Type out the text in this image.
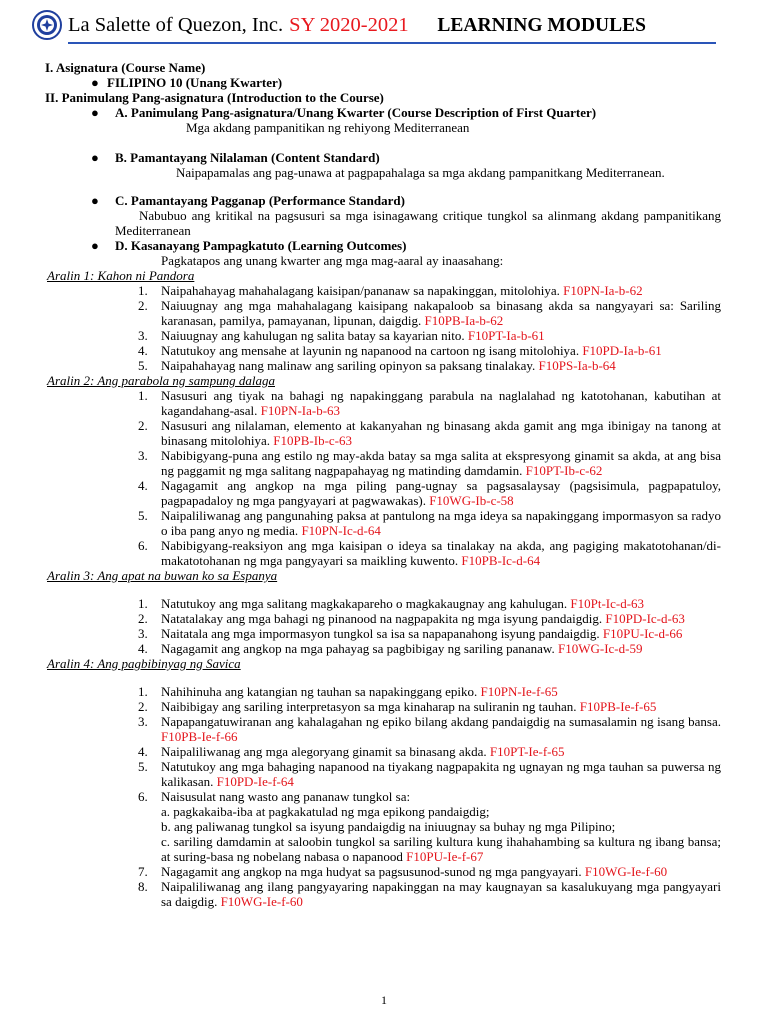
La Salette of Quezon, Inc. SY 2020-2021 LEARNING MODULES
I. Asignatura (Course Name)
● FILIPINO 10 (Unang Kwarter)
II. Panimulang Pang-asignatura (Introduction to the Course)
● A. Panimulang Pang-asignatura/Unang Kwarter (Course Description of First Quarter)
Mga akdang pampanitikan ng rehiyong Mediterranean
● B. Pamantayang Nilalaman (Content Standard)
Naipapamalas ang pag-unawa at pagpapahalaga sa mga akdang pampanitkang Mediterranean.
● C. Pamantayang Pagganap (Performance Standard)
Nabubuo ang kritikal na pagsusuri sa mga isinagawang critique tungkol sa alinmang akdang pampanitikang Mediterranean
● D. Kasanayang Pampagkatuto (Learning Outcomes)
Pagkatapos ang unang kwarter ang mga mag-aaral ay inaasahang:
Aralin 1: Kahon ni Pandora
1. Naipahahayag mahahalagang kaisipan/pananaw sa napakinggan, mitolohiya. F10PN-Ia-b-62
2. Naiuugnay ang mga mahahalagang kaisipang nakapaloob sa binasang akda sa nangyayari sa: Sariling karanasan, pamilya, pamayanan, lipunan, daigdig. F10PB-Ia-b-62
3. Naiuugnay ang kahulugan ng salita batay sa kayarian nito. F10PT-Ia-b-61
4. Natutukoy ang mensahe at layunin ng napanood na cartoon ng isang mitolohiya. F10PD-Ia-b-61
5. Naipahahayag nang malinaw ang sariling opinyon sa paksang tinalakay. F10PS-Ia-b-64
Aralin 2: Ang parabola ng sampung dalaga
1. Nasusuri ang tiyak na bahagi ng napakinggang parabula na naglalahad ng katotohanan, kabutihan at kagandahang-asal. F10PN-Ia-b-63
2. Nasusuri ang nilalaman, elemento at kakanyahan ng binasang akda gamit ang mga ibinigay na tanong at binasang mitolohiya. F10PB-Ib-c-63
3. Nabibigyang-puna ang estilo ng may-akda batay sa mga salita at ekspresyong ginamit sa akda, at ang bisa ng paggamit ng mga salitang nagpapahayag ng matinding damdamin. F10PT-Ib-c-62
4. Nagagamit ang angkop na mga piling pang-ugnay sa pagsasalaysay (pagsisimula, pagpapatuloy, pagpapadaloy ng mga pangyayari at pagwawakas). F10WG-Ib-c-58
5. Naipaliliwanag ang pangunahing paksa at pantulong na mga ideya sa napakinggang impormasyon sa radyo o iba pang anyo ng media. F10PN-Ic-d-64
6. Nabibigyang-reaksiyon ang mga kaisipan o ideya sa tinalakay na akda, ang pagiging makatotohanan/di-makatotohanan ng mga pangyayari sa maikling kuwento. F10PB-Ic-d-64
Aralin 3: Ang apat na buwan ko sa Espanya
1. Natutukoy ang mga salitang magkakapareho o magkakaugnay ang kahulugan. F10Pt-Ic-d-63
2. Natatalakay ang mga bahagi ng pinanood na nagpapakita ng mga isyung pandaigdig. F10PD-Ic-d-63
3. Naitatala ang mga impormasyon tungkol sa isa sa napapanahong isyung pandaigdig. F10PU-Ic-d-66
4. Nagagamit ang angkop na mga pahayag sa pagbibigay ng sariling pananaw. F10WG-Ic-d-59
Aralin 4: Ang pagbibinyag ng Savica
1. Nahihinuha ang katangian ng tauhan sa napakinggang epiko. F10PN-Ie-f-65
2. Naibibigay ang sariling interpretasyon sa mga kinaharap na suliranin ng tauhan. F10PB-Ie-f-65
3. Napapangatuwiranan ang kahalagahan ng epiko bilang akdang pandaigdig na sumasalamin ng isang bansa. F10PB-Ie-f-66
4. Naipaliliwanag ang mga alegoryang ginamit sa binasang akda. F10PT-Ie-f-65
5. Natutukoy ang mga bahaging napanood na tiyakang nagpapakita ng ugnayan ng mga tauhan sa puwersa ng kalikasan. F10PD-Ie-f-64
6. Naisusulat nang wasto ang pananaw tungkol sa:
a. pagkakaiba-iba at pagkakatulad ng mga epikong pandaigdig;
b. ang paliwanag tungkol sa isyung pandaigdig na iniuugnay sa buhay ng mga Pilipino;
c. sariling damdamin at saloobin tungkol sa sariling kultura kung ihahahambing sa kultura ng ibang bansa; at suring-basa ng nobelang nabasa o napanood F10PU-Ie-f-67
7. Nagagamit ang angkop na mga hudyat sa pagsusunod-sunod ng mga pangyayari. F10WG-Ie-f-60
8. Naipaliliwanag ang ilang pangyayaring napakinggan na may kaugnayan sa kasalukuyang mga pangyayari sa daigdig. F10WG-Ie-f-60
1
